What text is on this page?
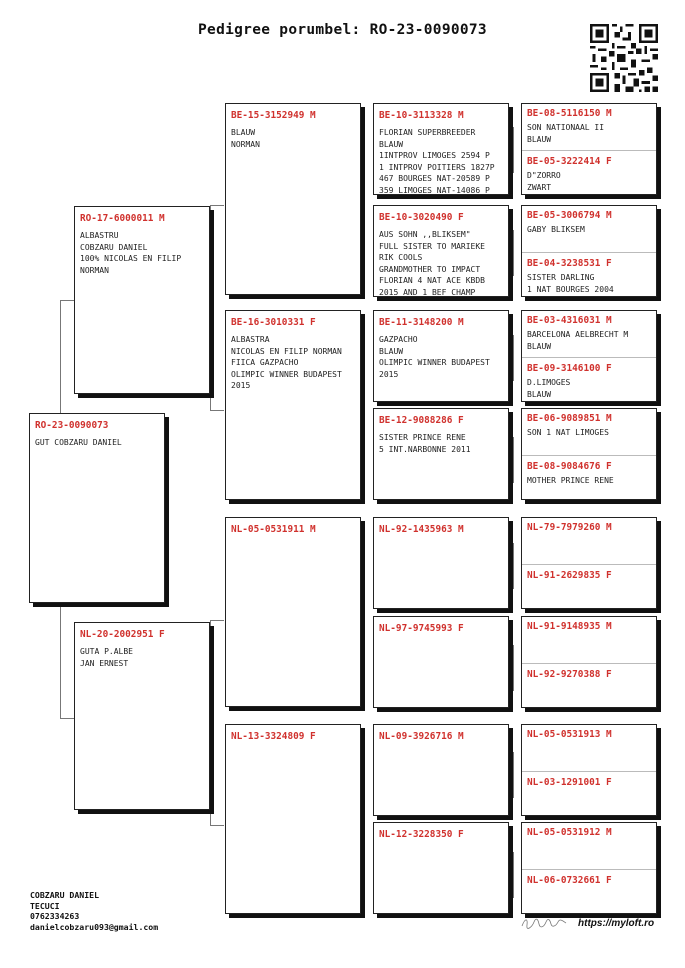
Pedigree porumbel: RO-23-0090073
RO-23-0090073
GUT COBZARU DANIEL
RO-17-6000011 M
ALBASTRU
COBZARU DANIEL
100% NICOLAS EN FILIP
NORMAN
NL-20-2002951 F
GUTA P.ALBE
JAN ERNEST
BE-15-3152949 M
BLAUW
NORMAN
BE-16-3010331 F
ALBASTRA
NICOLAS EN FILIP NORMAN
FIICA GAZPACHO
OLIMPIC WINNER BUDAPEST
2015
NL-05-0531911 M
NL-13-3324809 F
BE-10-3113328 M
FLORIAN SUPERBREEDER
BLAUW
1INTPROV LIMOGES 2594 P
1 INTPROV POITIERS 1827P
467 BOURGES NAT-20589 P
359 LIMOGES NAT-14086 P
BE-10-3020490 F
AUS SOHN ,,BLIKSEM"
FULL SISTER TO MARIEKE
RIK COOLS
GRANDMOTHER TO IMPACT
FLORIAN 4 NAT ACE KBDB
2015 AND 1 BEF CHAMP
BE-11-3148200 M
GAZPACHO
BLAUW
OLIMPIC WINNER BUDAPEST
2015
BE-12-9088286 F
SISTER PRINCE RENE
5 INT.NARBONNE 2011
NL-92-1435963 M
NL-97-9745993 F
NL-09-3926716 M
NL-12-3228350 F
BE-08-5116150 M
SON NATIONAAL II
BLAUW
BE-05-3222414 F
D"ZORRO
ZWART
BE-05-3006794 M
GABY BLIKSEM
BE-04-3238531 F
SISTER DARLING
1 NAT BOURGES 2004
BE-03-4316031 M
BARCELONA AELBRECHT M
BLAUW
BE-09-3146100 F
D.LIMOGES
BLAUW
BE-06-9089851 M
SON 1 NAT LIMOGES
BE-08-9084676 F
MOTHER PRINCE RENE
NL-79-7979260 M
NL-91-2629835 F
NL-91-9148935 M
NL-92-9270388 F
NL-05-0531913 M
NL-03-1291001 F
NL-05-0531912 M
NL-06-0732661 F
COBZARU DANIEL
TECUCI
0762334263
danielcobzaru093@gmail.com	https://myloft.ro
